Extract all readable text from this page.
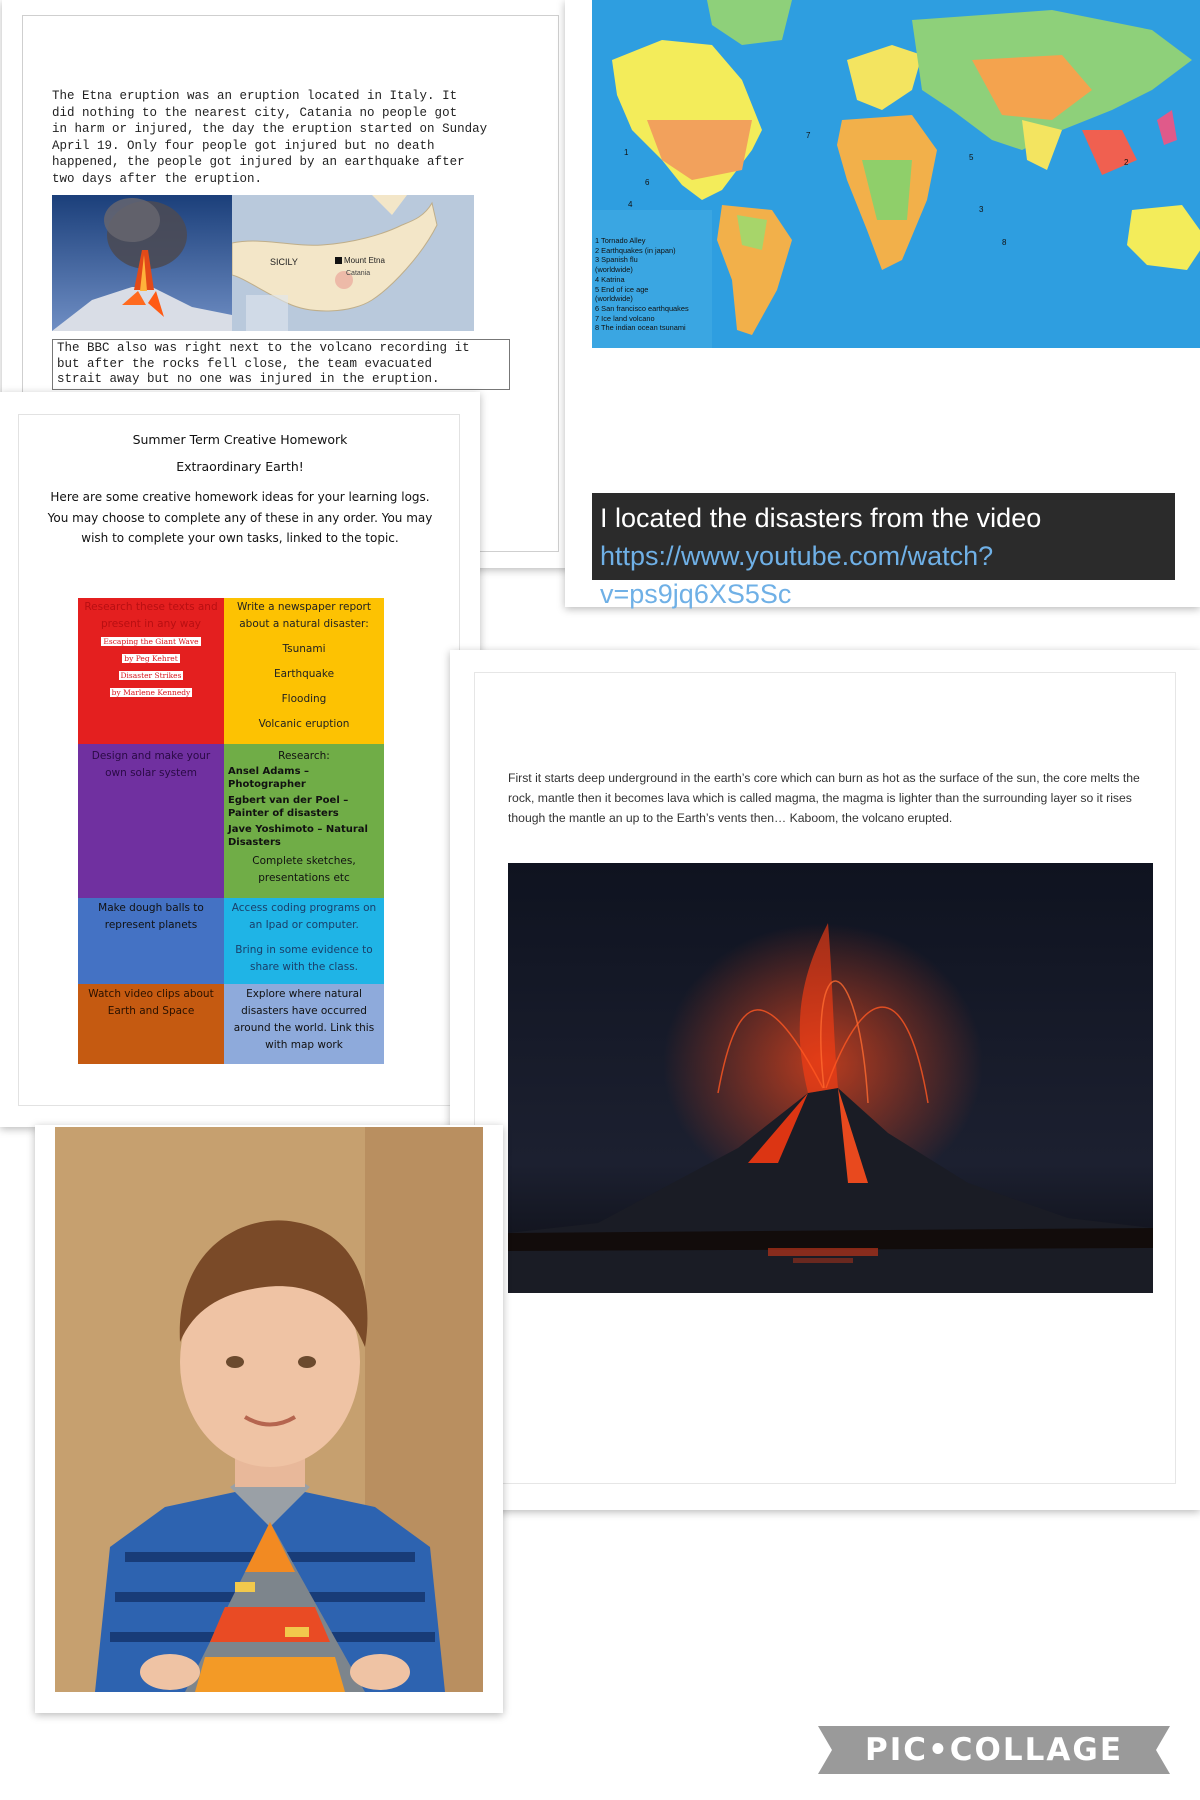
The Etna eruption was an eruption located in Italy. It
did nothing to the nearest city, Catania no people got
in harm or injured, the day the eruption started on Sunday
April 19. Only four people got injured but no death
happened, the people got injured by an earthquake after
two days after the eruption.

SICILY	Mount Etna
Catania
The BBC also was right next to the volcano recording it
but after the rocks fell close, the team evacuated
strait away but no one was injured in the eruption.
1 Tornado Alley
2 Earthquakes (in japan)
3 Spanish flu
(worldwide)
4 Katrina
5 End of ice age
(worldwide)
6 San francisco earthquakes
7 Ice land volcano
8 The indian ocean tsunami
1
2
3
4
5
6
7
8
I located the disasters from the video https://www.youtube.com/watch?v=ps9jq6XS5Sc
Summer Term Creative Homework
Extraordinary Earth!
Here are some creative homework ideas for your learning logs. You may choose to complete any of these in any order. You may wish to complete your own tasks, linked to the topic.
Research these texts and present in any way
Escaping the Giant Wave
by Peg Kehret
Disaster Strikes
by Marlene Kennedy
Write a newspaper report about a natural disaster:
Tsunami
Earthquake
Flooding
Volcanic eruption
Design and make your own solar system
Research:
Ansel Adams – Photographer
Egbert van der Poel – Painter of disasters
Jave Yoshimoto – Natural Disasters
Complete sketches, presentations etc
Make dough balls to represent planets
Access coding programs on an Ipad or computer.
Bring in some evidence to share with the class.
Watch video clips about Earth and Space
Explore where natural disasters have occurred around the world. Link this with map work
First it starts deep underground in the earth’s core which can burn as hot as the surface of the sun, the core melts the rock, mantle then it becomes lava which is called magma, the magma is lighter than the surrounding layer so it rises though the mantle an up to the Earth’s vents then… Kaboom, the volcano erupted.
PIC•COLLAGE
